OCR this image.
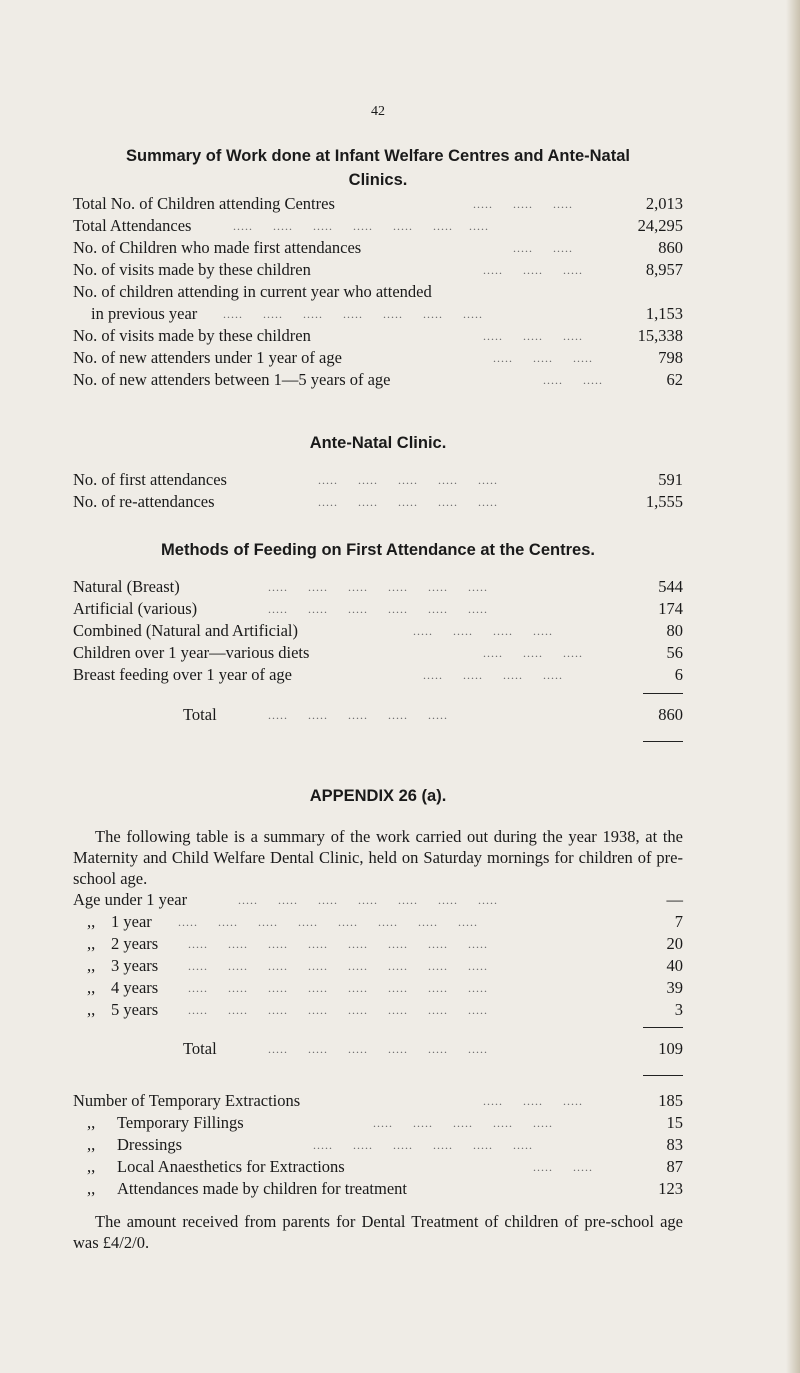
42
Summary of Work done at Infant Welfare Centres and Ante-Natal
Clinics.
Total No. of Children attending Centres	.....     .....     .....	2,013
Total Attendances	.....     .....     .....     .....     .....     .....    .....	24,295
No. of Children who made first attendances	.....     .....	860
No. of visits made by these children	.....     .....     .....	8,957
No. of children attending in current year who attended
in previous year .....     .....     .....     .....     .....     .....     .....	1,153
No. of visits made by these children	.....     .....     .....	15,338
No. of new attenders under 1 year of age	.....     .....     .....	798
No. of new attenders between 1—5 years of age	.....     .....	62
Ante-Natal Clinic.
No. of first attendances	.....     .....     .....     .....     .....	591
No. of re-attendances	.....     .....     .....     .....     .....	1,555
Methods of Feeding on First Attendance at the Centres.
Natural (Breast)	.....     .....     .....     .....     .....     .....	544
Artificial (various)	.....     .....     .....     .....     .....     .....	174
Combined (Natural and Artificial)	.....     .....     .....     .....	80
Children over 1 year—various diets	.....     .....     .....	56
Breast feeding over 1 year of age	.....     .....     .....     .....	6
Total	.....     .....     .....     .....     .....	860
APPENDIX 26 (a).
The following table is a summary of the work carried out during the year 1938, at the Maternity and Child Welfare Dental Clinic, held on Saturday mornings for children of pre-school age.
Age under 1 year	.....     .....     .....     .....     .....     .....     .....	—
,, 1 year .....     .....     .....     .....     .....     .....     .....     .....	7
,, 2 years .....     .....     .....     .....     .....     .....     .....     .....	20
,, 3 years .....     .....     .....     .....     .....     .....     .....     .....	40
,, 4 years .....     .....     .....     .....     .....     .....     .....     .....	39
,, 5 years .....     .....     .....     .....     .....     .....     .....     .....	3
Total	.....     .....     .....     .....     .....     .....	109
Number of Temporary Extractions	.....     .....     .....	185
,, Temporary Fillings	.....     .....     .....     .....     .....	15
,, Dressings	.....     .....     .....     .....     .....     .....	83
,, Local Anaesthetics for Extractions	.....     .....	87
,, Attendances made by children for treatment	123
The amount received from parents for Dental Treatment of children of pre-school age was £4/2/0.
